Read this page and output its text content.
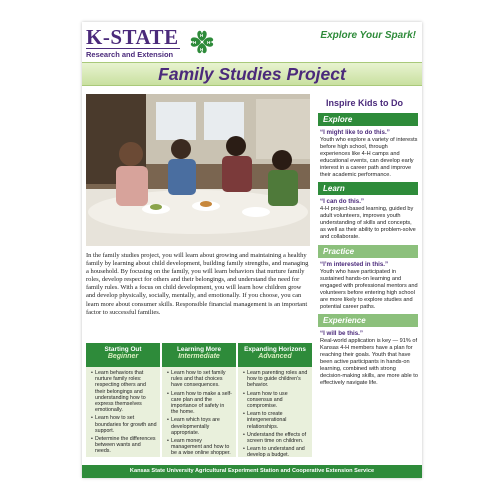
K-STATE
Research and Extension
H
H
H H
Explore Your Spark!
Family Studies Project
In the family studies project, you will learn about growing and maintaining a healthy family by learning about child development, building family strengths, and managing a household. By focusing on the family, you will learn behaviors that nurture family roles, develop respect for others and their belongings, and understand the need for family rules. With a focus on child development, you will learn how children grow and develop physically, socially, mentally, and emotionally. If you choose, you can learn more about consumer skills. Responsible financial management is an important factor to successful families.
Inspire Kids to Do
Explore
“I might like to do this.”
Youth who explore a variety of interests before high school, through experiences like 4-H camps and educational events, can develop early interest in a career path and improve their academic performance.
Learn
“I can do this.”
4-H project-based learning, guided by adult volunteers, improves youth understanding of skills and concepts, as well as their ability to problem-solve and collaborate.
Practice
“I’m interested in this.”
Youth who have participated in sustained hands-on learning and engaged with professional mentors and volunteers before entering high school are more likely to explore studies and potential career paths.
Experience
“I will be this.”
Real-world application is key — 91% of Kansas 4-H members have a plan for reaching their goals. Youth that have been active participants in hands-on learning, combined with strong decision-making skills, are more able to effectively navigate life.
Starting Out
Beginner
• Learn behaviors that nurture family roles: respecting others and their belongings and understanding how to express themselves emotionally.
• Learn how to set boundaries for growth and support.
• Determine the differences between wants and needs.
Learning More
Intermediate
• Learn how to set family rules and that choices have consequences.
• Learn how to make a self-care plan and the importance of safety in the home.
• Learn which toys are developmentally appropriate.
• Learn money management and how to be a wise online shopper.
Expanding Horizons
Advanced
• Learn parenting roles and how to guide children's behavior.
• Learn how to use consensus and compromise.
• Learn to create intergenerational relationships.
• Understand the effects of screen time on children.
• Learn to understand and develop a budget.
Kansas State University Agricultural Experiment Station and Cooperative Extension Service
